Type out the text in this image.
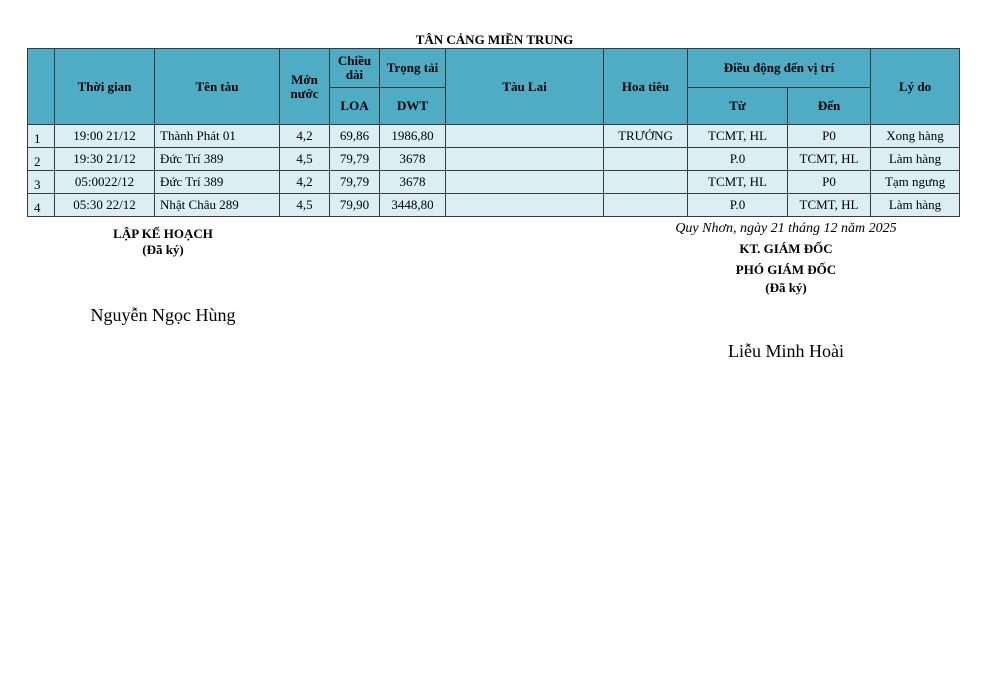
TÂN CẢNG MIỀN TRUNG
	Thời gian	Tên tàu	Mớn nước	Chiều dài	Trọng tải	Tàu Lai	Hoa tiêu	Điều động đến vị trí		Lý do
				LOA	DWT			Từ	Đến	
1	19:00 21/12	Thành Phát 01	4,2	69,86	1986,80		TRƯỞNG	TCMT, HL	P0	Xong hàng
2	19:30 21/12	Đức Trí 389	4,5	79,79	3678			P.0	TCMT, HL	Làm hàng
3	05:0022/12	Đức Trí 389	4,2	79,79	3678			TCMT, HL	P0	Tạm ngưng
4	05:30 22/12	Nhật Châu 289	4,5	79,90	3448,80			P.0	TCMT, HL	Làm hàng
LẬP KẾ HOẠCH
(Đã ký)
Nguyễn Ngọc Hùng
Quy Nhơn, ngày 21 tháng 12 năm 2025
KT. GIÁM ĐỐC
PHÓ GIÁM ĐỐC
(Đã ký)
Liễu Minh Hoài
